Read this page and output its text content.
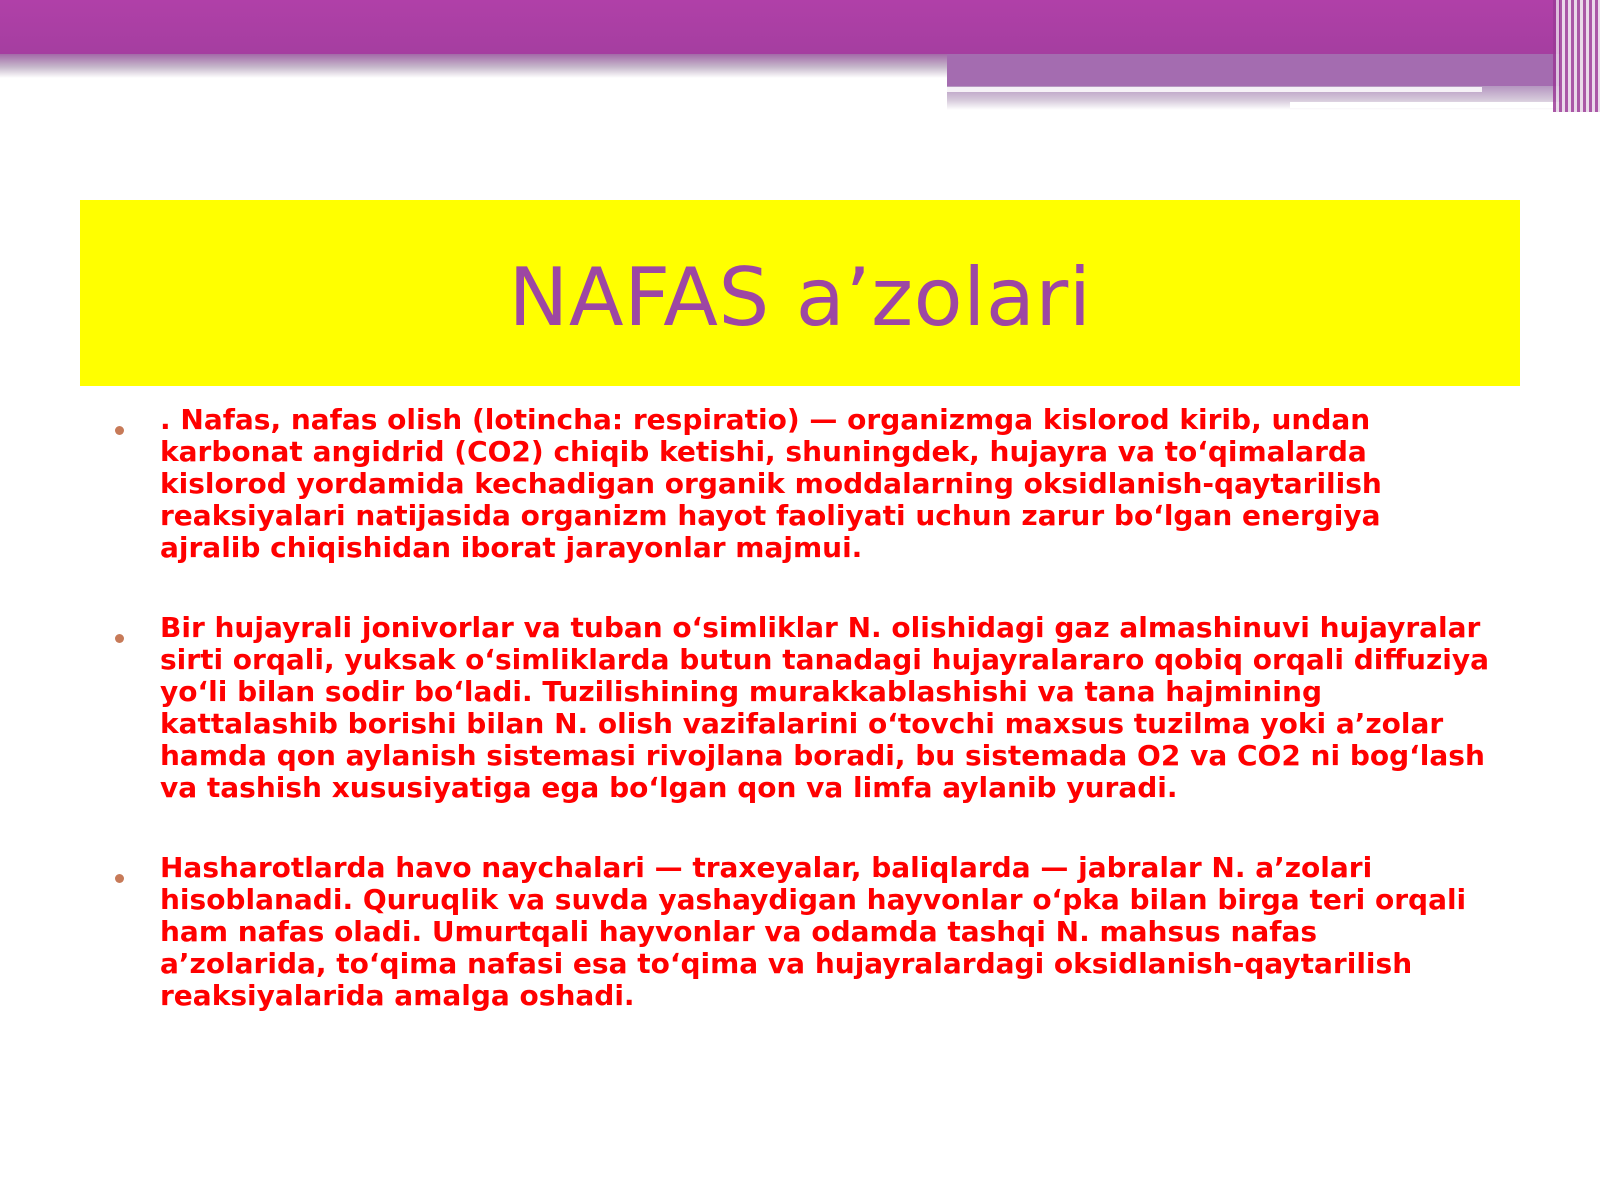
NAFAS a’zolari

. Nafas, nafas olish (lotincha: respiratio) — organizmga kislorod kirib, undan karbonat angidrid (CO2) chiqib ketishi, shuningdek, hujayra va toʻqimalarda kislorod yordamida kechadigan organik moddalarning oksidlanish-qaytarilish reaksiyalari natijasida organizm hayot faoliyati uchun zarur boʻlgan energiya ajralib chiqishidan iborat jarayonlar majmui.

Bir hujayrali jonivorlar va tuban oʻsimliklar N. olishidagi gaz almashinuvi hujayralar sirti orqali, yuksak oʻsimliklarda butun tanadagi hujayralararo qobiq orqali diffuziya yoʻli bilan sodir boʻladi. Tuzilishining murakkablashishi va tana hajmining kattalashib borishi bilan N. olish vazifalarini oʻtovchi maxsus tuzilma yoki a’zolar hamda qon aylanish sistemasi rivojlana boradi, bu sistemada O2 va CO2 ni bogʻlash va tashish xususiyatiga ega boʻlgan qon va limfa aylanib yuradi.

Hasharotlarda havo naychalari — traxeyalar, baliqlarda — jabralar N. a’zolari hisoblanadi. Quruqlik va suvda yashaydigan hayvonlar oʻpka bilan birga teri orqali ham nafas oladi. Umurtqali hayvonlar va odamda tashqi N. mahsus nafas a’zolarida, toʻqima nafasi esa toʻqima va hujayralardagi oksidlanish-qaytarilish reaksiyalarida amalga oshadi.
